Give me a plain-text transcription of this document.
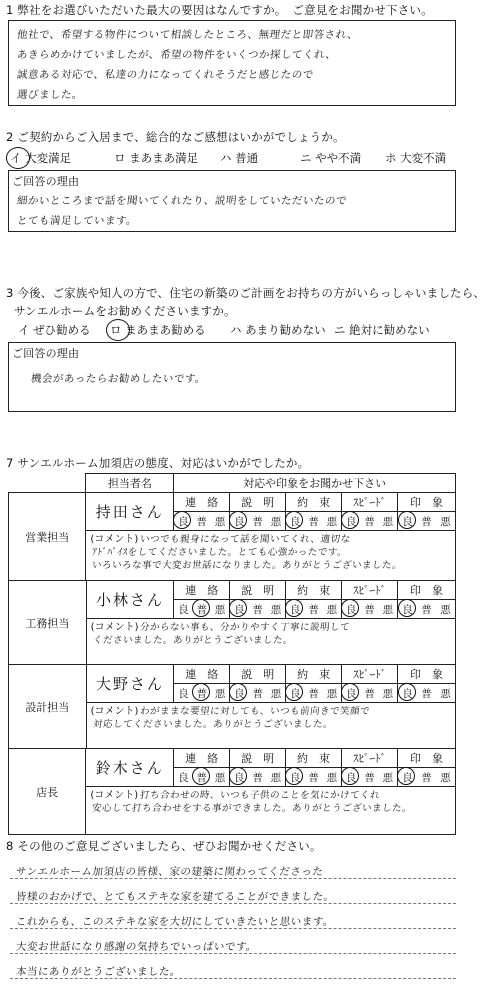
1 弊社をお選びいただいた最大の要因はなんですか。　ご意見をお聞かせ下さい。
他社で、希望する物件について相談したところ、無理だと即答され、
あきらめかけていましたが、希望の物件をいくつか探してくれ、
誠意ある対応で、私達の力になってくれそうだと感じたので
選びました。
2 ご契約からご入居まで、総合的なご感想はいかがでしょうか。
イ 大変満足	ロ まあまあ満足 ハ 普通	ニ やや不満 ホ 大変不満
ご回答の理由
細かいところまで話を聞いてくれたり、説明をしていただいたので
とても満足しています。
3 今後、ご家族や知人の方で、住宅の新築のご計画をお持ちの方がいらっしゃいましたら、
サンエルホームをお勧めくださいますか。
イ ぜひ勧める ロ まあまあ勧める ハ あまり勧めない ニ 絶対に勧めない
ご回答の理由
機会があったらお勧めしたいです。
7 サンエルホーム加須店の態度、対応はいかがでしたか。
	担当者名	対応や印象をお聞かせ下さい
営業担当	持田さん	連　絡	説　明	約　束	ｽﾋﾟｰﾄﾞ	印　象

		良 普 悪	良 普 悪	良 普 悪	良 普 悪	良 普 悪

	(コメント)いつでも親身になって話を聞いてくれ、適切な
ｱﾄﾞﾊﾞｲｽをしてくださいました。とても心強かったです。
いろいろな事で大変お世話になりました。ありがとうございました。					
工務担当	小林さん	連　絡	説　明	約　束	ｽﾋﾟｰﾄﾞ	印　象

		良 普 悪	良 普 悪	良 普 悪	良 普 悪	良 普 悪

	(コメント)分からない事も、分かりやすく丁寧に説明して
くださいました。ありがとうございました。					
設計担当	大野さん	連　絡	説　明	約　束	ｽﾋﾟｰﾄﾞ	印　象

		良 普 悪	良 普 悪	良 普 悪	良 普 悪	良 普 悪

	(コメント)わがままな要望に対しても、いつも前向きで笑顔で
対応してくださいました。ありがとうございました。					
店長	鈴木さん	連　絡	説　明	約　束	ｽﾋﾟｰﾄﾞ	印　象

		良 普 悪	良 普 悪	良 普 悪	良 普 悪	良 普 悪

	(コメント)打ち合わせの時、いつも子供のことを気にかけてくれ
安心して打ち合わせをする事ができました。ありがとうございました。					
8 その他のご意見ございましたら、ぜひお聞かせください。
サンエルホーム加須店の皆様、家の建築に関わってくださった
皆様のおかげで、とてもステキな家を建てることができました。
これからも、このステキな家を大切にしていきたいと思います。
大変お世話になり感謝の気持ちでいっぱいです。
本当にありがとうございました。
